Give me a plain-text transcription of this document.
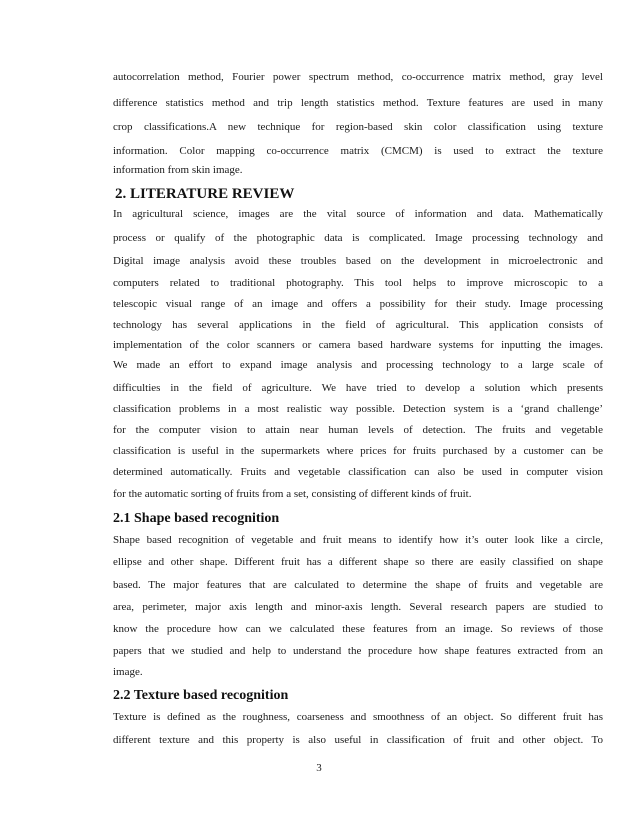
autocorrelation method, Fourier power spectrum method, co-occurrence matrix method, gray level
difference statistics method and trip length statistics method. Texture features are used in many
crop classifications.A new technique for region-based skin color classification using texture
information. Color mapping co-occurrence matrix (CMCM) is used to extract the texture
information from skin image.
2. LITERATURE REVIEW
In agricultural science, images are the vital source of information and data. Mathematically
process or qualify of the photographic data is complicated. Image processing technology and
Digital image analysis avoid these troubles based on the development in microelectronic and
computers related to traditional photography. This tool helps to improve microscopic to a
telescopic visual range of an image and offers a possibility for their study. Image processing
technology has several applications in the field of agricultural. This application consists of
implementation of the color scanners or camera based hardware systems for inputting the images.
We made an effort to expand image analysis and processing technology to a large scale of
difficulties in the field of agriculture. We have tried to develop a solution which presents
classification problems in a most realistic way possible. Detection system is a ‘grand challenge’
for the computer vision to attain near human levels of detection. The fruits and vegetable
classification is useful in the supermarkets where prices for fruits purchased by a customer can be
determined automatically. Fruits and vegetable classification can also be used in computer vision
for the automatic sorting of fruits from a set, consisting of different kinds of fruit.
2.1 Shape based recognition
Shape based recognition of vegetable and fruit means to identify how it’s outer look like a circle,
ellipse and other shape. Different fruit has a different shape so there are easily classified on shape
based. The major features that are calculated to determine the shape of fruits and vegetable are
area, perimeter, major axis length and minor-axis length. Several research papers are studied to
know the procedure how can we calculated these features from an image. So reviews of those
papers that we studied and help to understand the procedure how shape features extracted from an
image.
2.2 Texture based recognition
Texture is defined as the roughness, coarseness and smoothness of an object. So different fruit has
different texture and this property is also useful in classification of fruit and other object. To
3
